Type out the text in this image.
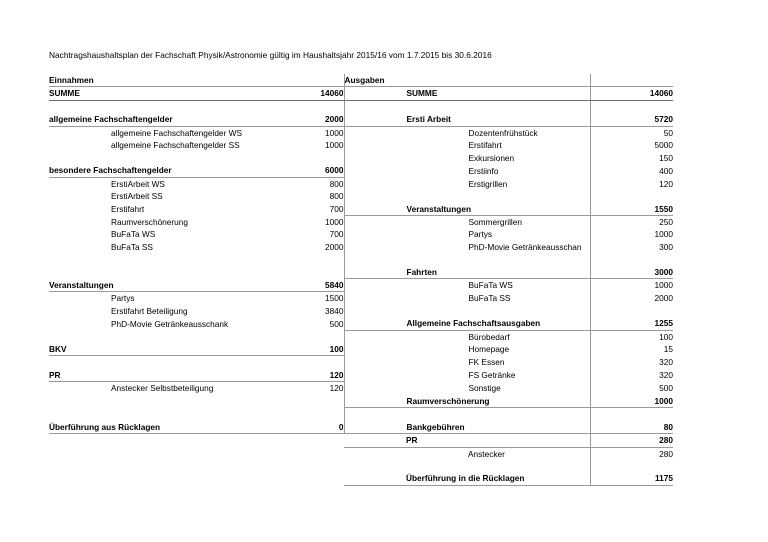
Nachtragshaushaltsplan der Fachschaft Physik/Astronomie gültig im Haushaltsjahr 2015/16 vom 1.7.2015 bis 30.6.2016
Einnahmen		Ausgaben	
SUMME	14060	SUMME	14060

allgemeine Fachschaftengelder	2000	Ersti Arbeit	5720
allgemeine Fachschaftengelder WS	1000	Dozentenfrühstück	50
allgemeine Fachschaftengelder SS	1000	Erstifahrt	5000
		Exkursionen	150
besondere Fachschaftengelder	6000	Erstiinfo	400
ErstiArbeit WS	800	Erstigrillen	120
ErstiArbeit SS	800		
Erstifahrt	700	Veranstaltungen	1550
Raumverschönerung	1000	Sommergrillen	250
BuFaTa WS	700	Partys	1000
BuFaTa SS	2000	PhD-Movie Getränkeausschan	300

		Fahrten	3000
Veranstaltungen	5840	BuFaTa WS	1000
Partys	1500	BuFaTa SS	2000
Erstifahrt Beteiligung	3840		
PhD-Movie Getränkeausschank	500	Allgemeine Fachschaftsausgaben	1255
		Bürobedarf	100
BKV	100	Homepage	15
		FK Essen	320
PR	120	FS Getränke	320
Anstecker Selbstbeteiligung	120	Sonstige	500
		Raumverschönerung	1000

Überführung aus Rücklagen	0	Bankgebühren	80
		PR	280
		Anstecker	280

		Überführung in die Rücklagen	1175
